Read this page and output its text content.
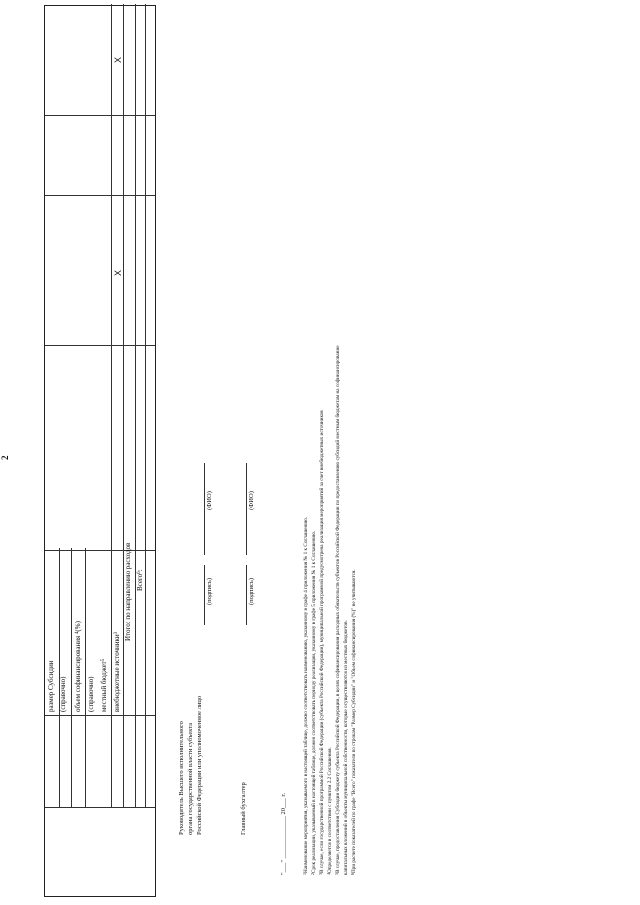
2
размер Субсидии (справочно) объем софинансирования $^4$(%)
(справочно) местный бюджет$^5$	внебюджетные источники$^3$ Итого: по направлению расходов Всего$^6$:
Х
Х
Руководитель Высшего исполнительного органа государственной власти субъекта Российской Федерации или уполномоченное лицо
(подпись)
(ФИО)
Главный бухгалтер
(подпись)
(ФИО)
"___" _____________ 20___ г.	$^1$Наименование мероприятия, указываемого в настоящей таблице, должно соответствовать наименованию, указанному в графе 4 приложения № 1 к Соглашению.
$^2$Срок реализации, указываемый в настоящей таблице, должен соответствовать периоду реализации, указанному в графе 5 приложения № 1 к Соглашению.
$^3$В случае, если государственной программой Российской Федерации (субъекта Российской Федерации), муниципальной программой предусмотрена реализация мероприятий за счет внебюджетных источников
$^4$Определяется в соответствии с пунктом 2.2 Соглашения.
$^5$В случае, предоставления Субсидии бюджету субъекта Российской Федерации, в целях софинансирования расходных обязательств субъектов Российской Федерации по предоставлению субсидий местным бюджетам на софинансирование капитальных вложений в объекты муниципальной собственности, которые осуществляются из местных бюджетов. $^6$При расчете показателей по графе "Всего" показатели по строкам "Размер Субсидии" и "Объем софинансирования (%)" не учитываются.
